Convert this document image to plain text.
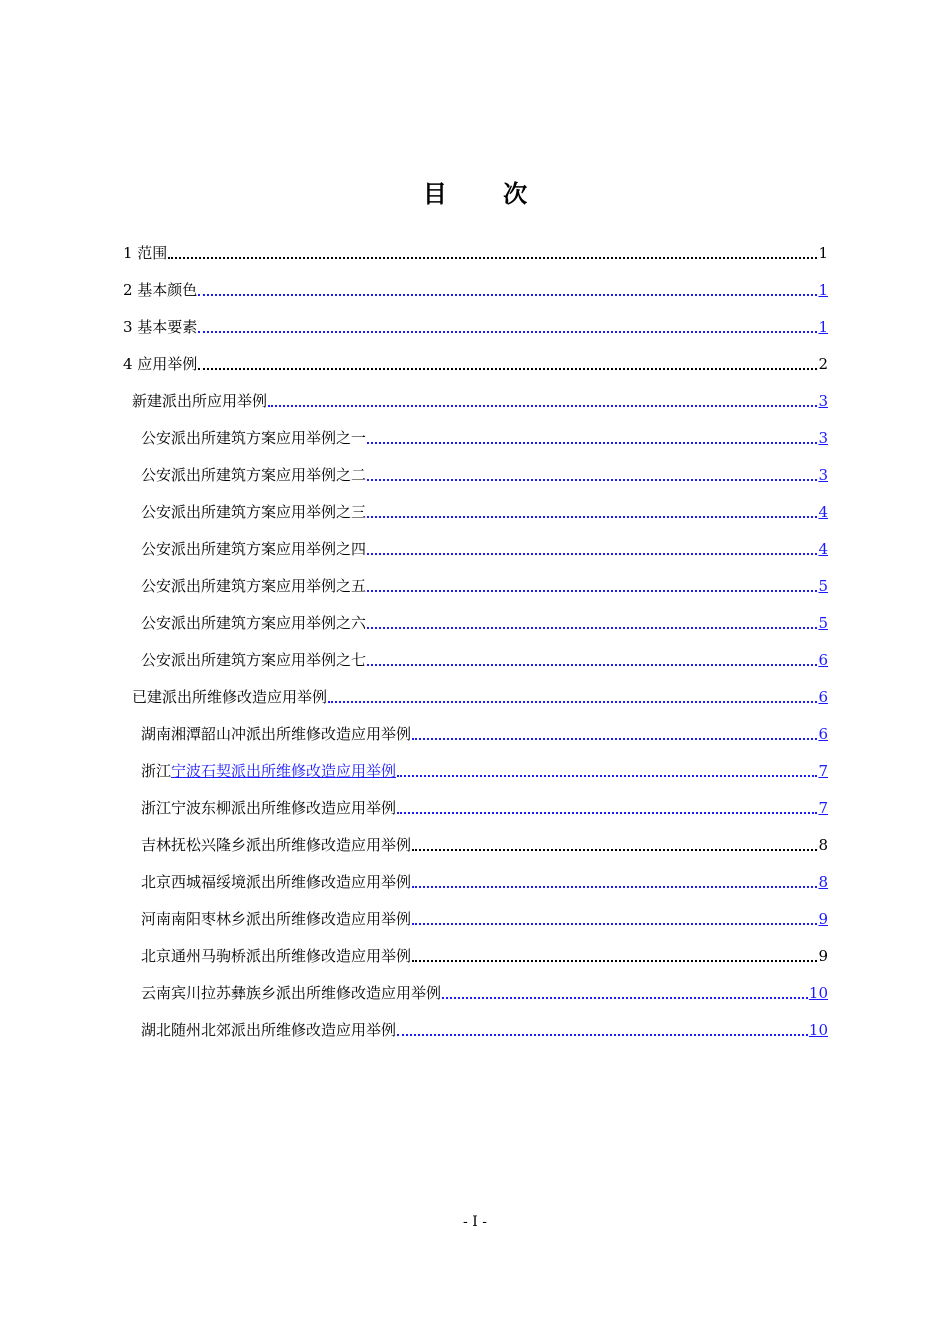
目 次
1 范围	1
2 基本颜色	1
3 基本要素	1
4 应用举例	2
新建派出所应用举例	3
公安派出所建筑方案应用举例之一	3
公安派出所建筑方案应用举例之二	3
公安派出所建筑方案应用举例之三	4
公安派出所建筑方案应用举例之四	4
公安派出所建筑方案应用举例之五	5
公安派出所建筑方案应用举例之六	5
公安派出所建筑方案应用举例之七	6
已建派出所维修改造应用举例	6
湖南湘潭韶山冲派出所维修改造应用举例	6
浙江宁波石契派出所维修改造应用举例	7
浙江宁波东柳派出所维修改造应用举例	7
吉林抚松兴隆乡派出所维修改造应用举例	8
北京西城福绥境派出所维修改造应用举例	8
河南南阳枣林乡派出所维修改造应用举例	9
北京通州马驹桥派出所维修改造应用举例	9
云南宾川拉苏彝族乡派出所维修改造应用举例	10
湖北随州北郊派出所维修改造应用举例	10
- I -
